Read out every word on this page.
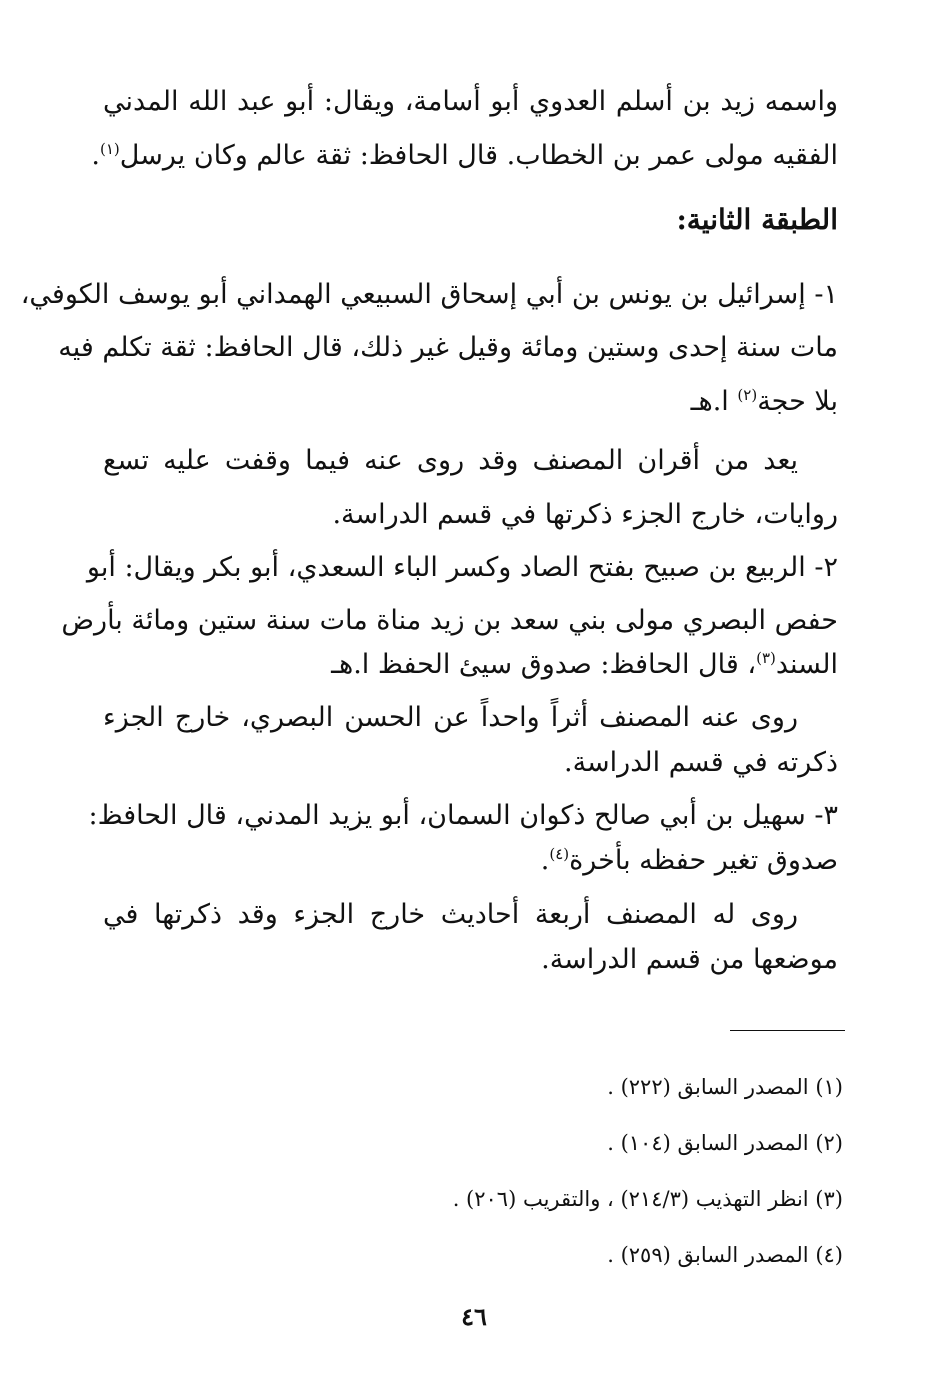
واسمه زيد بن أسلم العدوي أبو أسامة، ويقال: أبو عبد الله المدني
الفقيه مولى عمر بن الخطاب. قال الحافظ: ثقة عالم وكان يرسل$^{(١)}$.
الطبقة الثانية:
١- إسرائيل بن يونس بن أبي إسحاق السبيعي الهمداني أبو يوسف الكوفي،
مات سنة إحدى وستين ومائة وقيل غير ذلك، قال الحافظ: ثقة تكلم فيه
بلا حجة$^{(٢)}$ ا.هـ
يعد من أقران المصنف وقد روى عنه فيما وقفت عليه تسع
روايات، خارج الجزء ذكرتها في قسم الدراسة.
٢- الربيع بن صبيح بفتح الصاد وكسر الباء السعدي، أبو بكر ويقال: أبو
حفص البصري مولى بني سعد بن زيد مناة مات سنة ستين ومائة بأرض
السند$^{(٣)}$، قال الحافظ: صدوق سيئ الحفظ ا.هـ
روى عنه المصنف أثراً واحداً عن الحسن البصري، خارج الجزء
ذكرته في قسم الدراسة.
٣- سهيل بن أبي صالح ذكوان السمان، أبو يزيد المدني، قال الحافظ:
صدوق تغير حفظه بأخرة$^{(٤)}$.
روى له المصنف أربعة أحاديث خارج الجزء وقد ذكرتها في
موضعها من قسم الدراسة.
(١) المصدر السابق (٢٢٢) .
(٢) المصدر السابق (١٠٤) .
(٣) انظر التهذيب (٢١٤/٣) ، والتقريب (٢٠٦) .
(٤) المصدر السابق (٢٥٩) .
٤٦
